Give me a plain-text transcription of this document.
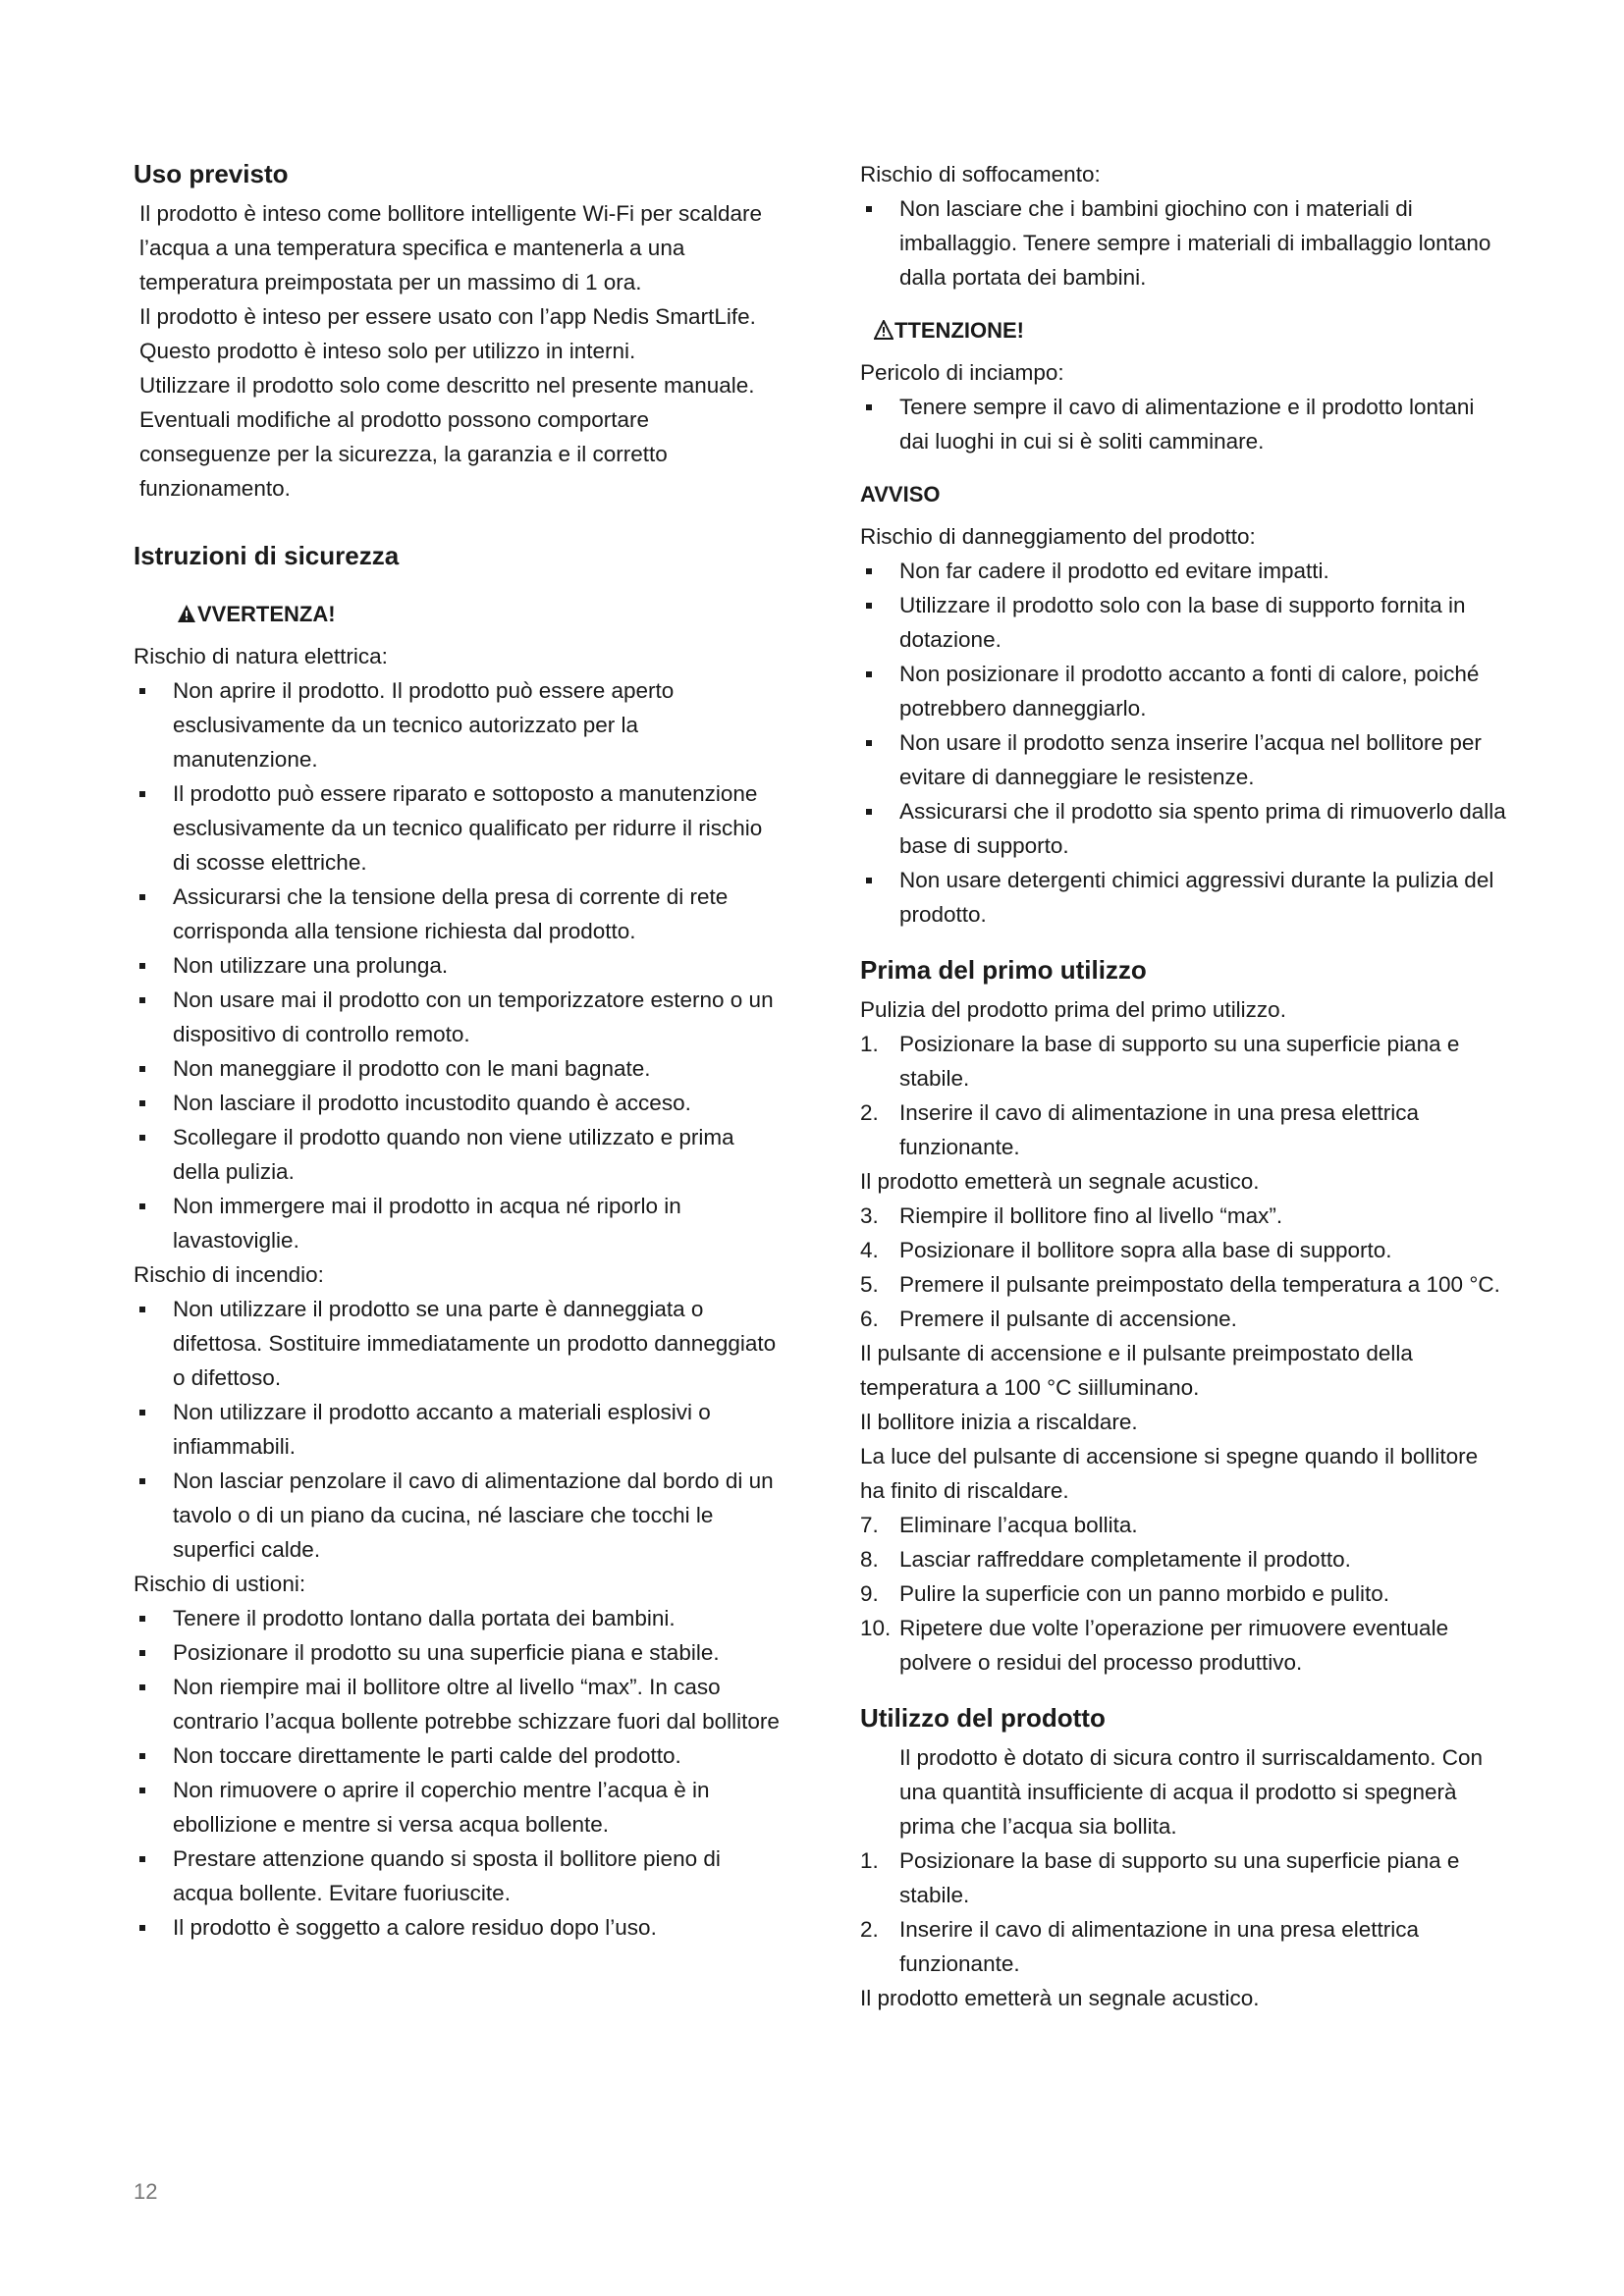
Uso previsto

Il prodotto è inteso come bollitore intelligente Wi-Fi per scaldare l’acqua a una temperatura specifica e mantenerla a una temperatura preimpostata per un massimo di 1 ora.

Il prodotto è inteso per essere usato con l’app Nedis SmartLife.

Questo prodotto è inteso solo per utilizzo in interni.

Utilizzare il prodotto solo come descritto nel presente manuale.

Eventuali modifiche al prodotto possono comportare conseguenze per la sicurezza, la garanzia e il corretto funzionamento.

Istruzioni di sicurezza
VVERTENZA!

Rischio di natura elettrica:

Non aprire il prodotto. Il prodotto può essere aperto esclusivamente da un tecnico autorizzato per la manutenzione.
Il prodotto può essere riparato e sottoposto a manutenzione esclusivamente da un tecnico qualificato per ridurre il rischio di scosse elettriche.
Assicurarsi che la tensione della presa di corrente di rete corrisponda alla tensione richiesta dal prodotto.
Non utilizzare una prolunga.
Non usare mai il prodotto con un temporizzatore esterno o un dispositivo di controllo remoto.
Non maneggiare il prodotto con le mani bagnate.
Non lasciare il prodotto incustodito quando è acceso.
Scollegare il prodotto quando non viene utilizzato e prima della pulizia.
Non immergere mai il prodotto in acqua né riporlo in lavastoviglie.

Rischio di incendio:

Non utilizzare il prodotto se una parte è danneggiata o difettosa. Sostituire immediatamente un prodotto danneggiato o difettoso.
Non utilizzare il prodotto accanto a materiali esplosivi o infiammabili.
Non lasciar penzolare il cavo di alimentazione dal bordo di un tavolo o di un piano da cucina, né lasciare che tocchi le superfici calde.

Rischio di ustioni:

Tenere il prodotto lontano dalla portata dei bambini.
Posizionare il prodotto su una superficie piana e stabile.
Non riempire mai il bollitore oltre al livello “max”. In caso contrario l’acqua bollente potrebbe schizzare fuori dal bollitore
Non toccare direttamente le parti calde del prodotto.
Non rimuovere o aprire il coperchio mentre l’acqua è in ebollizione e mentre si versa acqua bollente.
Prestare attenzione quando si sposta il bollitore pieno di acqua bollente. Evitare fuoriuscite.
Il prodotto è soggetto a calore residuo dopo l’uso.

Rischio di soffocamento:

Non lasciare che i bambini giochino con i materiali di imballaggio. Tenere sempre i materiali di imballaggio lontano dalla portata dei bambini.
TTENZIONE!

Pericolo di inciampo:

Tenere sempre il cavo di alimentazione e il prodotto lontani dai luoghi in cui si è soliti camminare.
AVVISO

Rischio di danneggiamento del prodotto:

Non far cadere il prodotto ed evitare impatti.
Utilizzare il prodotto solo con la base di supporto fornita in dotazione.
Non posizionare il prodotto accanto a fonti di calore, poiché potrebbero danneggiarlo.
Non usare il prodotto senza inserire l’acqua nel bollitore per evitare di danneggiare le resistenze.
Assicurarsi che il prodotto sia spento prima di rimuoverlo dalla base di supporto.
Non usare detergenti chimici aggressivi durante la pulizia del prodotto.
Prima del primo utilizzo

Pulizia del prodotto prima del primo utilizzo.

1. Posizionare la base di supporto su una superficie piana e stabile.
2. Inserire il cavo di alimentazione in una presa elettrica funzionante.

Il prodotto emetterà un segnale acustico.

3. Riempire il bollitore fino al livello “max”.
4. Posizionare il bollitore sopra alla base di supporto.
5. Premere il pulsante preimpostato della temperatura a 100 °C.
6. Premere il pulsante di accensione.

Il pulsante di accensione e il pulsante preimpostato della temperatura a 100 °C siilluminano.

Il bollitore inizia a riscaldare.

La luce del pulsante di accensione si spegne quando il bollitore ha finito di riscaldare.

7. Eliminare l’acqua bollita.
8. Lasciar raffreddare completamente il prodotto.
9. Pulire la superficie con un panno morbido e pulito.
10. Ripetere due volte l’operazione per rimuovere eventuale polvere o residui del processo produttivo.
Utilizzo del prodotto

Il prodotto è dotato di sicura contro il surriscaldamento. Con una quantità insufficiente di acqua il prodotto si spegnerà prima che l’acqua sia bollita.

1. Posizionare la base di supporto su una superficie piana e stabile.
2. Inserire il cavo di alimentazione in una presa elettrica funzionante.

Il prodotto emetterà un segnale acustico.

12
